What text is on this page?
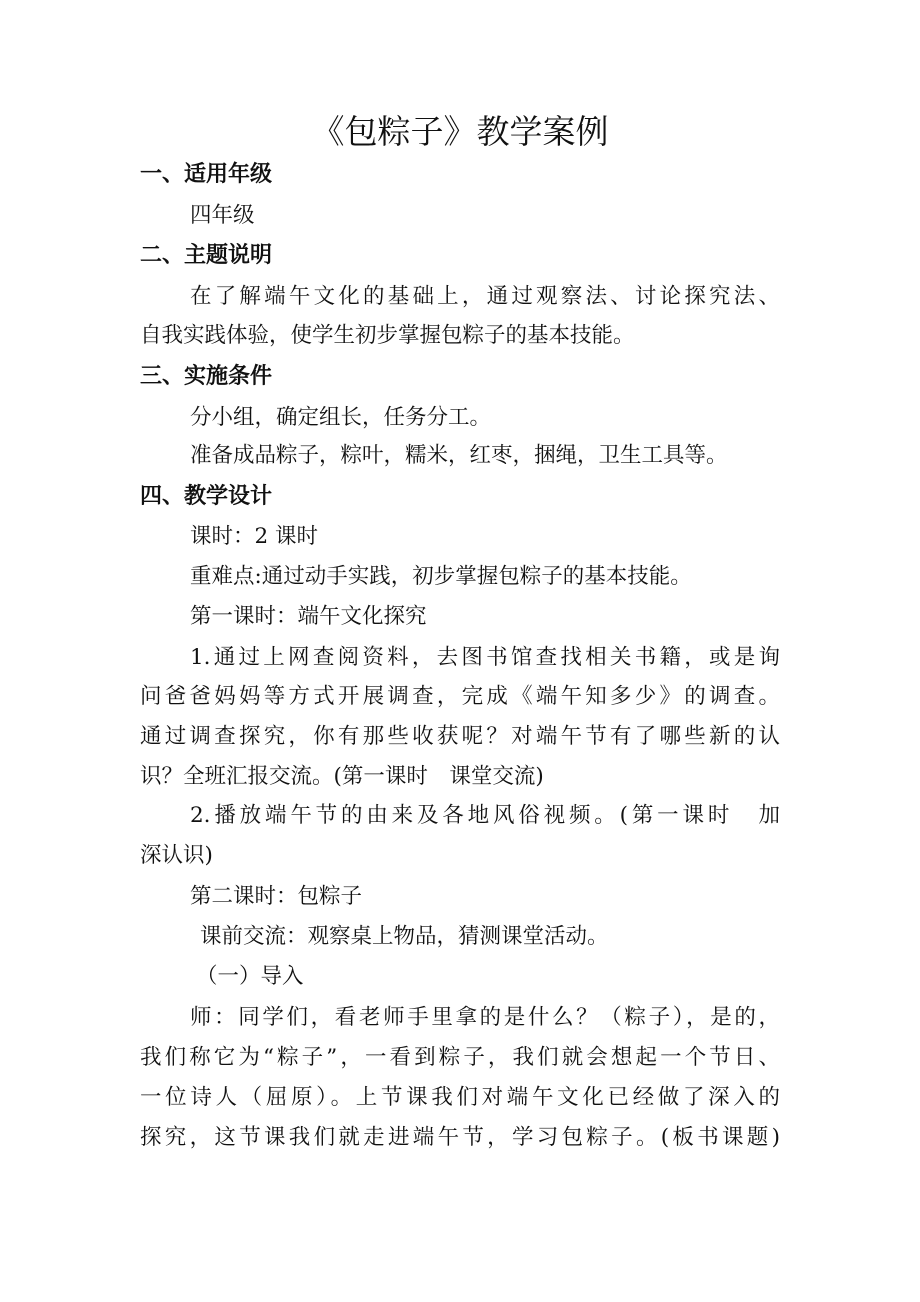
《包粽子》教学案例
一、适用年级
四年级
二、主题说明
在了解端午文化的基础上，通过观察法、讨论探究法、
自我实践体验，使学生初步掌握包粽子的基本技能。
三、实施条件
分小组，确定组长，任务分工。
准备成品粽子，粽叶，糯米，红枣，捆绳，卫生工具等。
四、教学设计
课时：2 课时
重难点:通过动手实践，初步掌握包粽子的基本技能。
第一课时：端午文化探究
1.通过上网查阅资料，去图书馆查找相关书籍，或是询
问爸爸妈妈等方式开展调查，完成《端午知多少》的调查。
通过调查探究，你有那些收获呢？对端午节有了哪些新的认
识？全班汇报交流。(第一课时　课堂交流)
2.播放端午节的由来及各地风俗视频。(第一课时　加
深认识)
第二课时：包粽子
课前交流：观察桌上物品，猜测课堂活动。
（一）导入
师：同学们，看老师手里拿的是什么？（粽子），是的，
我们称它为“粽子”，一看到粽子，我们就会想起一个节日、
一位诗人（屈原）。上节课我们对端午文化已经做了深入的
探究，这节课我们就走进端午节，学习包粽子。(板书课题)
